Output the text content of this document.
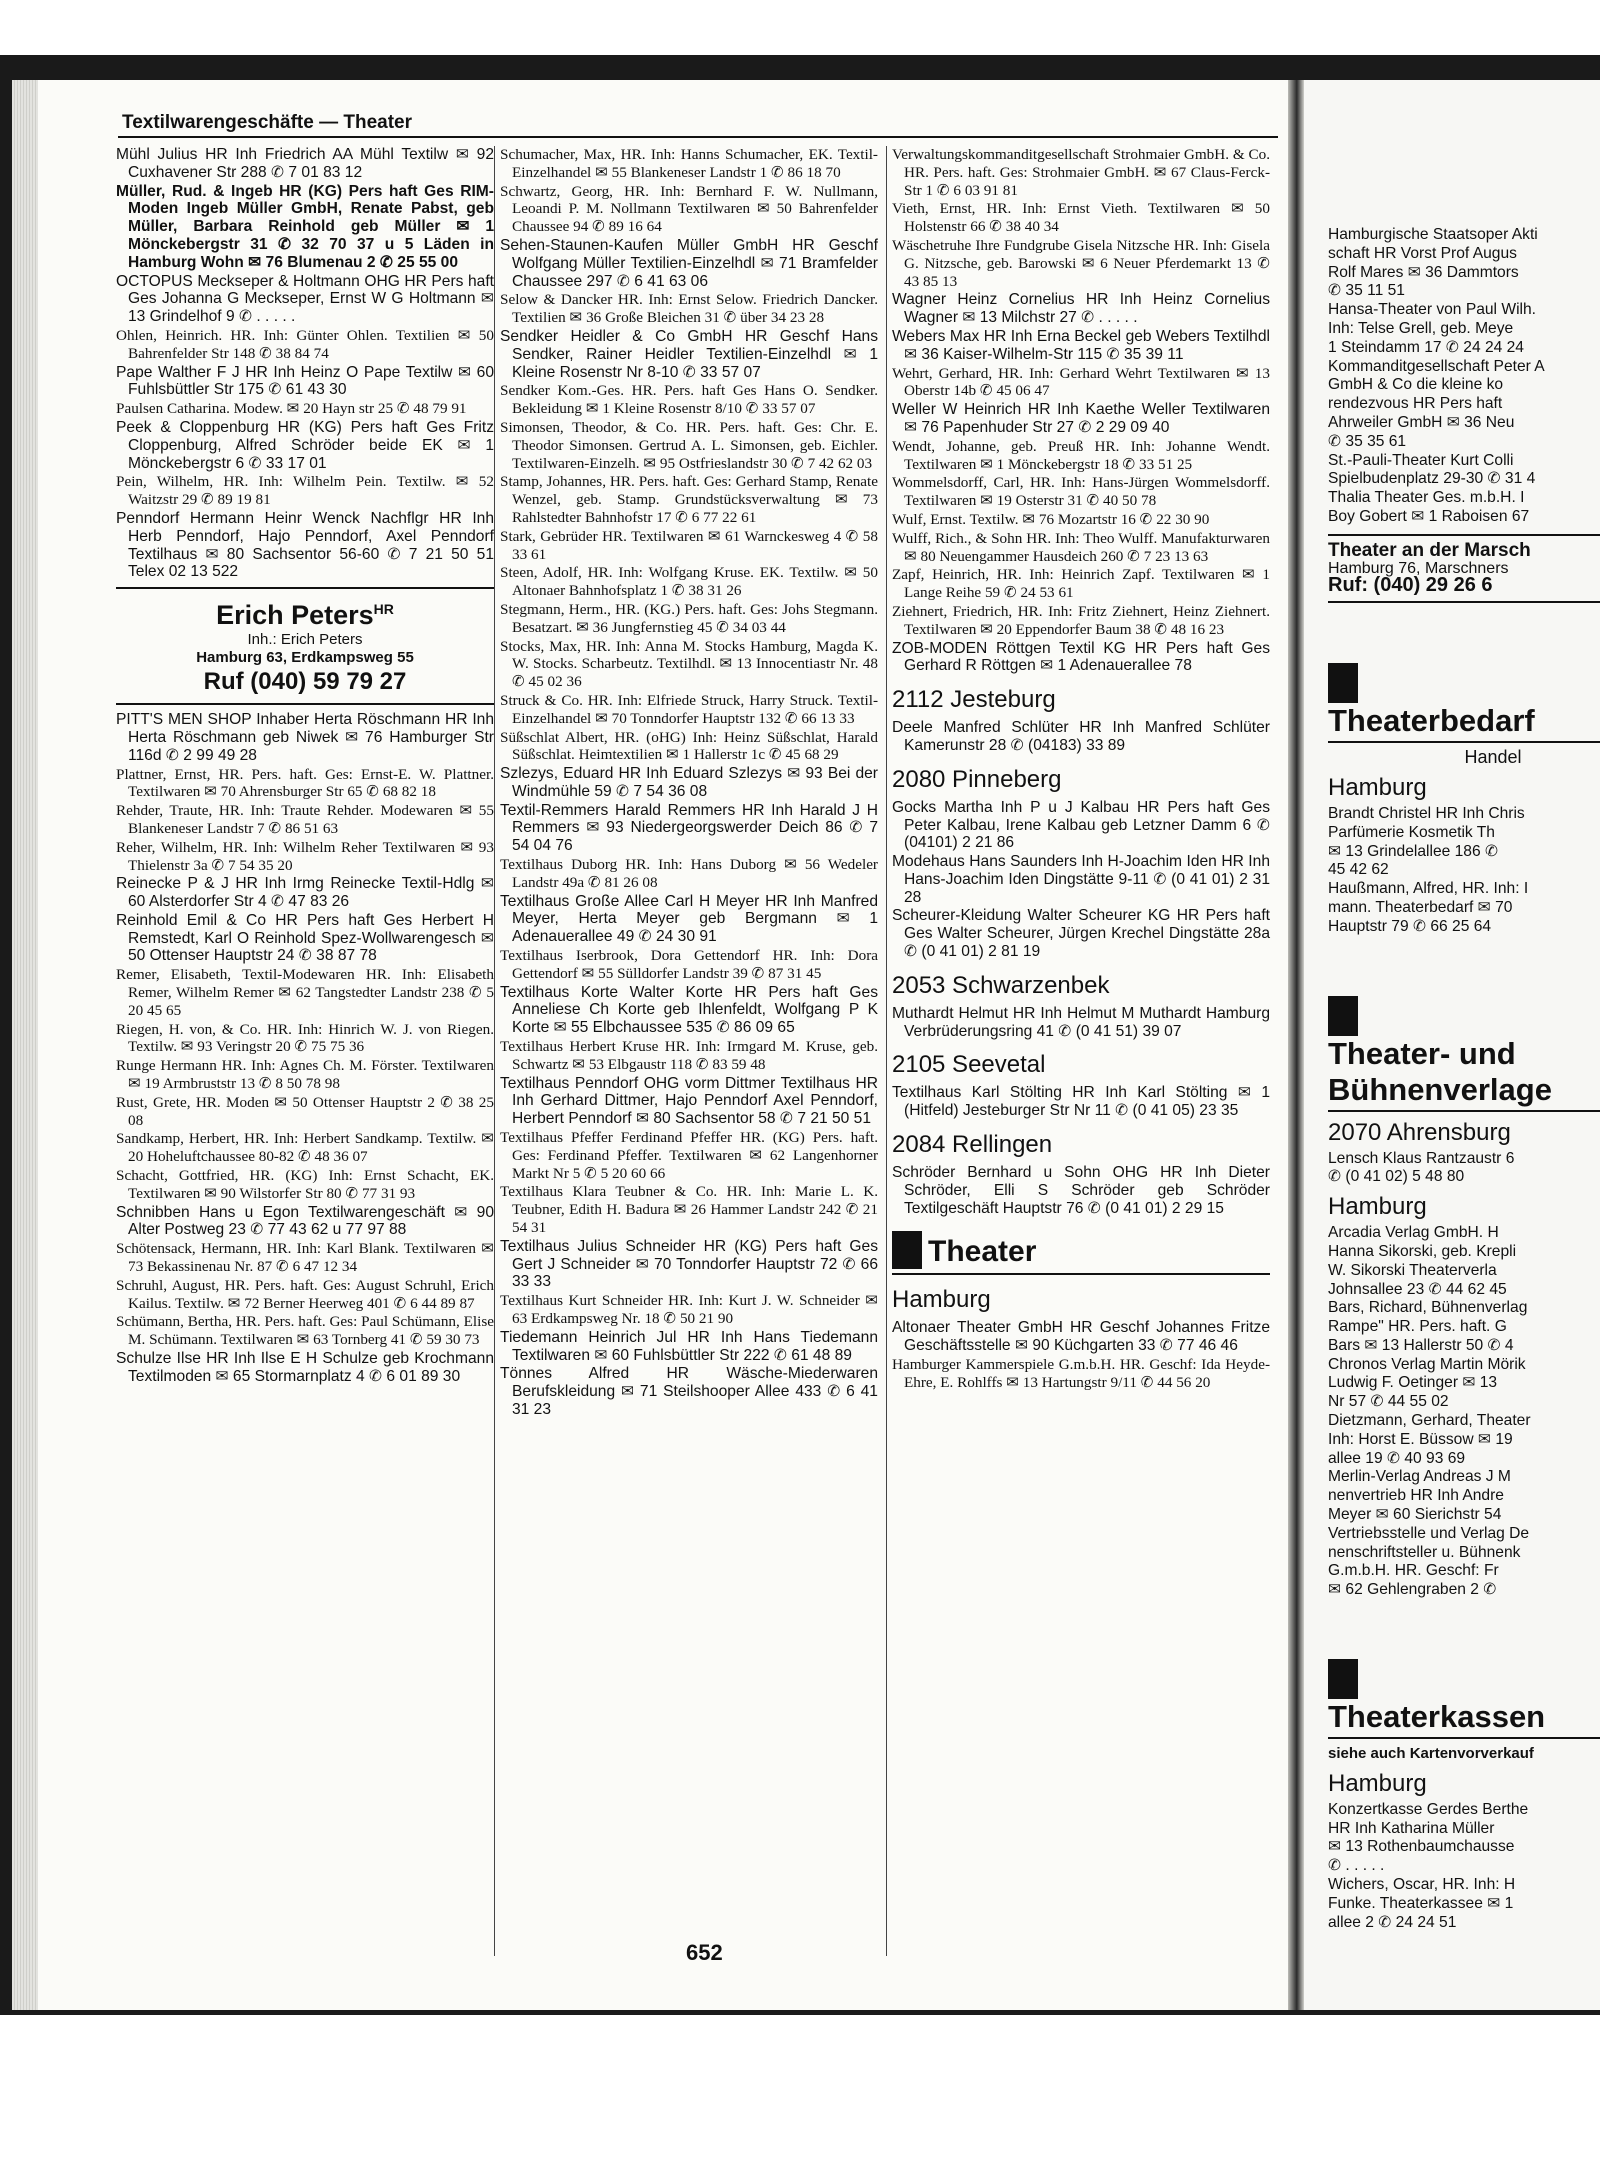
Hamburgische Staatsoper Akti
schaft HR Vorst Prof Augus
Rolf Mares ✉ 36 Dammtors
✆ 35 11 51
Hansa-Theater von Paul Wilh.
Inh: Telse Grell, geb. Meye
1 Steindamm 17 ✆ 24 24 24
Kommanditgesellschaft Peter A
GmbH & Co die kleine ko
rendezvous HR Pers haft
Ahrweiler GmbH ✉ 36 Neu
✆ 35 35 61
St.-Pauli-Theater Kurt Colli
Spielbudenplatz 29-30 ✆ 31 4
Thalia Theater Ges. m.b.H. I
Boy Gobert ✉ 1 Raboisen 67
Theater an der Marsch
Hamburg 76, Marschners
Ruf: (040) 29 26 6
Theaterbedarf
Handel
Hamburg
Brandt Christel HR Inh Chris
Parfümerie Kosmetik Th
✉ 13 Grindelallee 186 ✆
45 42 62
Haußmann, Alfred, HR. Inh: I
mann. Theaterbedarf ✉ 70
Hauptstr 79 ✆ 66 25 64
Theater- und
Bühnenverlage
2070 Ahrensburg
Lensch Klaus Rantzaustr 6
✆ (0 41 02) 5 48 80
Hamburg
Arcadia Verlag GmbH. H
Hanna Sikorski, geb. Krepli
W. Sikorski Theaterverla
Johnsallee 23 ✆ 44 62 45
Bars, Richard, Bühnenverlag
Rampe" HR. Pers. haft. G
Bars ✉ 13 Hallerstr 50 ✆ 4
Chronos Verlag Martin Mörik
Ludwig F. Oetinger ✉ 13
Nr 57 ✆ 44 55 02
Dietzmann, Gerhard, Theater
Inh: Horst E. Büssow ✉ 19
allee 19 ✆ 40 93 69
Merlin-Verlag Andreas J M
nenvertrieb HR Inh Andre
Meyer ✉ 60 Sierichstr 54
Vertriebsstelle und Verlag De
nenschriftsteller u. Bühnenk
G.m.b.H. HR. Geschf: Fr
✉ 62 Gehlengraben 2 ✆
Theaterkassen
siehe auch Kartenvorverkauf
Hamburg
Konzertkasse Gerdes Berthe
HR Inh Katharina Müller
✉ 13 Rothenbaumchausse
✆ . . . . .
Wichers, Oscar, HR. Inh: H
Funke. Theaterkassee ✉ 1
allee 2 ✆ 24 24 51
Textilwarengeschäfte — Theater
Mühl Julius HR Inh Friedrich AA Mühl Textilw ✉ 92 Cuxhavener Str 288 ✆ 7 01 83 12
Müller, Rud. & Ingeb HR (KG) Pers haft Ges RIM-Moden Ingeb Müller GmbH, Renate Pabst, geb Müller, Barbara Reinhold geb Müller ✉ 1 Mönckebergstr 31 ✆ 32 70 37 u 5 Läden in Hamburg Wohn ✉ 76 Blumenau 2 ✆ 25 55 00
OCTOPUS Meckseper & Holtmann OHG HR Pers haft Ges Johanna G Meckseper, Ernst W G Holtmann ✉ 13 Grindelhof 9 ✆ . . . . .
Ohlen, Heinrich. HR. Inh: Günter Ohlen. Textilien ✉ 50 Bahrenfelder Str 148 ✆ 38 84 74
Pape Walther F J HR Inh Heinz O Pape Textilw ✉ 60 Fuhlsbüttler Str 175 ✆ 61 43 30
Paulsen Catharina. Modew. ✉ 20 Hayn str 25 ✆ 48 79 91
Peek & Cloppenburg HR (KG) Pers haft Ges Fritz Cloppenburg, Alfred Schröder beide EK ✉ 1 Mönckebergstr 6 ✆ 33 17 01
Pein, Wilhelm, HR. Inh: Wilhelm Pein. Textilw. ✉ 52 Waitzstr 29 ✆ 89 19 81
Penndorf Hermann Heinr Wenck Nachflgr HR Inh Herb Penndorf, Hajo Penndorf, Axel Penndorf Textilhaus ✉ 80 Sachsentor 56-60 ✆ 7 21 50 51 Telex 02 13 522
Erich Peters$^{HR}$
Inh.: Erich Peters
Hamburg 63, Erdkampsweg 55
Ruf (040) 59 79 27
PITT'S MEN SHOP Inhaber Herta Röschmann HR Inh Herta Röschmann geb Niwek ✉ 76 Hamburger Str 116d ✆ 2 99 49 28
Plattner, Ernst, HR. Pers. haft. Ges: Ernst-E. W. Plattner. Textilwaren ✉ 70 Ahrensburger Str 65 ✆ 68 82 18
Rehder, Traute, HR. Inh: Traute Rehder. Modewaren ✉ 55 Blankeneser Landstr 7 ✆ 86 51 63
Reher, Wilhelm, HR. Inh: Wilhelm Reher Textilwaren ✉ 93 Thielenstr 3a ✆ 7 54 35 20
Reinecke P & J HR Inh Irmg Reinecke Textil-Hdlg ✉ 60 Alsterdorfer Str 4 ✆ 47 83 26
Reinhold Emil & Co HR Pers haft Ges Herbert H Remstedt, Karl O Reinhold Spez-Wollwarengesch ✉ 50 Ottenser Hauptstr 24 ✆ 38 87 78
Remer, Elisabeth, Textil-Modewaren HR. Inh: Elisabeth Remer, Wilhelm Remer ✉ 62 Tangstedter Landstr 238 ✆ 5 20 45 65
Riegen, H. von, & Co. HR. Inh: Hinrich W. J. von Riegen. Textilw. ✉ 93 Veringstr 20 ✆ 75 75 36
Runge Hermann HR. Inh: Agnes Ch. M. Förster. Textilwaren ✉ 19 Armbruststr 13 ✆ 8 50 78 98
Rust, Grete, HR. Moden ✉ 50 Ottenser Hauptstr 2 ✆ 38 25 08
Sandkamp, Herbert, HR. Inh: Herbert Sandkamp. Textilw. ✉ 20 Hoheluftchaussee 80-82 ✆ 48 36 07
Schacht, Gottfried, HR. (KG) Inh: Ernst Schacht, EK. Textilwaren ✉ 90 Wilstorfer Str 80 ✆ 77 31 93
Schnibben Hans u Egon Textilwarengeschäft ✉ 90 Alter Postweg 23 ✆ 77 43 62 u 77 97 88
Schötensack, Hermann, HR. Inh: Karl Blank. Textilwaren ✉ 73 Bekassinenau Nr. 87 ✆ 6 47 12 34
Schruhl, August, HR. Pers. haft. Ges: August Schruhl, Erich Kailus. Textilw. ✉ 72 Berner Heerweg 401 ✆ 6 44 89 87
Schümann, Bertha, HR. Pers. haft. Ges: Paul Schümann, Elise M. Schümann. Textilwaren ✉ 63 Tornberg 41 ✆ 59 30 73
Schulze Ilse HR Inh Ilse E H Schulze geb Krochmann Textilmoden ✉ 65 Stormarnplatz 4 ✆ 6 01 89 30
Schumacher, Max, HR. Inh: Hanns Schumacher, EK. Textil-Einzelhandel ✉ 55 Blankeneser Landstr 1 ✆ 86 18 70
Schwartz, Georg, HR. Inh: Bernhard F. W. Nullmann, Leoandi P. M. Nollmann Textilwaren ✉ 50 Bahrenfelder Chaussee 94 ✆ 89 16 64
Sehen-Staunen-Kaufen Müller GmbH HR Geschf Wolfgang Müller Textilien-Einzelhdl ✉ 71 Bramfelder Chaussee 297 ✆ 6 41 63 06
Selow & Dancker HR. Inh: Ernst Selow. Friedrich Dancker. Textilien ✉ 36 Große Bleichen 31 ✆ über 34 23 28
Sendker Heidler & Co GmbH HR Geschf Hans Sendker, Rainer Heidler Textilien-Einzelhdl ✉ 1 Kleine Rosenstr Nr 8-10 ✆ 33 57 07
Sendker Kom.-Ges. HR. Pers. haft Ges Hans O. Sendker. Bekleidung ✉ 1 Kleine Rosenstr 8/10 ✆ 33 57 07
Simonsen, Theodor, & Co. HR. Pers. haft. Ges: Chr. E. Theodor Simonsen. Gertrud A. L. Simonsen, geb. Eichler. Textilwaren-Einzelh. ✉ 95 Ostfrieslandstr 30 ✆ 7 42 62 03
Stamp, Johannes, HR. Pers. haft. Ges: Gerhard Stamp, Renate Wenzel, geb. Stamp. Grundstücksverwaltung ✉ 73 Rahlstedter Bahnhofstr 17 ✆ 6 77 22 61
Stark, Gebrüder HR. Textilwaren ✉ 61 Warnckesweg 4 ✆ 58 33 61
Steen, Adolf, HR. Inh: Wolfgang Kruse. EK. Textilw. ✉ 50 Altonaer Bahnhofsplatz 1 ✆ 38 31 26
Stegmann, Herm., HR. (KG.) Pers. haft. Ges: Johs Stegmann. Besatzart. ✉ 36 Jungfernstieg 45 ✆ 34 03 44
Stocks, Max, HR. Inh: Anna M. Stocks Hamburg, Magda K. W. Stocks. Scharbeutz. Textilhdl. ✉ 13 Innocentiastr Nr. 48 ✆ 45 02 36
Struck & Co. HR. Inh: Elfriede Struck, Harry Struck. Textil-Einzelhandel ✉ 70 Tonndorfer Hauptstr 132 ✆ 66 13 33
Süßschlat Albert, HR. (oHG) Inh: Heinz Süßschlat, Harald Süßschlat. Heimtextilien ✉ 1 Hallerstr 1c ✆ 45 68 29
Szlezys, Eduard HR Inh Eduard Szlezys ✉ 93 Bei der Windmühle 59 ✆ 7 54 36 08
Textil-Remmers Harald Remmers HR Inh Harald J H Remmers ✉ 93 Niedergeorgswerder Deich 86 ✆ 7 54 04 76
Textilhaus Duborg HR. Inh: Hans Duborg ✉ 56 Wedeler Landstr 49a ✆ 81 26 08
Textilhaus Große Allee Carl H Meyer HR Inh Manfred Meyer, Herta Meyer geb Bergmann ✉ 1 Adenauerallee 49 ✆ 24 30 91
Textilhaus Iserbrook, Dora Gettendorf HR. Inh: Dora Gettendorf ✉ 55 Sülldorfer Landstr 39 ✆ 87 31 45
Textilhaus Korte Walter Korte HR Pers haft Ges Anneliese Ch Korte geb Ihlenfeldt, Wolfgang P K Korte ✉ 55 Elbchaussee 535 ✆ 86 09 65
Textilhaus Herbert Kruse HR. Inh: Irmgard M. Kruse, geb. Schwartz ✉ 53 Elbgaustr 118 ✆ 83 59 48
Textilhaus Penndorf OHG vorm Dittmer Textilhaus HR Inh Gerhard Dittmer, Hajo Penndorf Axel Penndorf, Herbert Penndorf ✉ 80 Sachsentor 58 ✆ 7 21 50 51
Textilhaus Pfeffer Ferdinand Pfeffer HR. (KG) Pers. haft. Ges: Ferdinand Pfeffer. Textilwaren ✉ 62 Langenhorner Markt Nr 5 ✆ 5 20 60 66
Textilhaus Klara Teubner & Co. HR. Inh: Marie L. K. Teubner, Edith H. Badura ✉ 26 Hammer Landstr 242 ✆ 21 54 31
Textilhaus Julius Schneider HR (KG) Pers haft Ges Gert J Schneider ✉ 70 Tonndorfer Hauptstr 72 ✆ 66 33 33
Textilhaus Kurt Schneider HR. Inh: Kurt J. W. Schneider ✉ 63 Erdkampsweg Nr. 18 ✆ 50 21 90
Tiedemann Heinrich Jul HR Inh Hans Tiedemann Textilwaren ✉ 60 Fuhlsbüttler Str 222 ✆ 61 48 89
Tönnes Alfred HR Wäsche-Miederwaren Berufskleidung ✉ 71 Steilshooper Allee 433 ✆ 6 41 31 23
Verwaltungskommanditgesellschaft Strohmaier GmbH. & Co. HR. Pers. haft. Ges: Strohmaier GmbH. ✉ 67 Claus-Ferck-Str 1 ✆ 6 03 91 81
Vieth, Ernst, HR. Inh: Ernst Vieth. Textilwaren ✉ 50 Holstenstr 66 ✆ 38 40 34
Wäschetruhe Ihre Fundgrube Gisela Nitzsche HR. Inh: Gisela G. Nitzsche, geb. Barowski ✉ 6 Neuer Pferdemarkt 13 ✆ 43 85 13
Wagner Heinz Cornelius HR Inh Heinz Cornelius Wagner ✉ 13 Milchstr 27 ✆ . . . . .
Webers Max HR Inh Erna Beckel geb Webers Textilhdl ✉ 36 Kaiser-Wilhelm-Str 115 ✆ 35 39 11
Wehrt, Gerhard, HR. Inh: Gerhard Wehrt Textilwaren ✉ 13 Oberstr 14b ✆ 45 06 47
Weller W Heinrich HR Inh Kaethe Weller Textilwaren ✉ 76 Papenhuder Str 27 ✆ 2 29 09 40
Wendt, Johanne, geb. Preuß HR. Inh: Johanne Wendt. Textilwaren ✉ 1 Mönckebergstr 18 ✆ 33 51 25
Wommelsdorff, Carl, HR. Inh: Hans-Jürgen Wommelsdorff. Textilwaren ✉ 19 Osterstr 31 ✆ 40 50 78
Wulf, Ernst. Textilw. ✉ 76 Mozartstr 16 ✆ 22 30 90
Wulff, Rich., & Sohn HR. Inh: Theo Wulff. Manufakturwaren ✉ 80 Neuengammer Hausdeich 260 ✆ 7 23 13 63
Zapf, Heinrich, HR. Inh: Heinrich Zapf. Textilwaren ✉ 1 Lange Reihe 59 ✆ 24 53 61
Ziehnert, Friedrich, HR. Inh: Fritz Ziehnert, Heinz Ziehnert. Textilwaren ✉ 20 Eppendorfer Baum 38 ✆ 48 16 23
ZOB-MODEN Röttgen Textil KG HR Pers haft Ges Gerhard R Röttgen ✉ 1 Adenauerallee 78
2112 Jesteburg
Deele Manfred Schlüter HR Inh Manfred Schlüter Kamerunstr 28 ✆ (04183) 33 89
2080 Pinneberg
Gocks Martha Inh P u J Kalbau HR Pers haft Ges Peter Kalbau, Irene Kalbau geb Letzner Damm 6 ✆ (04101) 2 21 86
Modehaus Hans Saunders Inh H-Joachim Iden HR Inh Hans-Joachim Iden Dingstätte 9-11 ✆ (0 41 01) 2 31 28
Scheurer-Kleidung Walter Scheurer KG HR Pers haft Ges Walter Scheurer, Jürgen Krechel Dingstätte 28a ✆ (0 41 01) 2 81 19
2053 Schwarzenbek
Muthardt Helmut HR Inh Helmut M Muthardt Hamburg Verbrüderungsring 41 ✆ (0 41 51) 39 07
2105 Seevetal
Textilhaus Karl Stölting HR Inh Karl Stölting ✉ 1 (Hitfeld) Jesteburger Str Nr 11 ✆ (0 41 05) 23 35
2084 Rellingen
Schröder Bernhard u Sohn OHG HR Inh Dieter Schröder, Elli S Schröder geb Schröder Textilgeschäft Hauptstr 76 ✆ (0 41 01) 2 29 15
Theater
Hamburg
Altonaer Theater GmbH HR Geschf Johannes Fritze Geschäftsstelle ✉ 90 Küchgarten 33 ✆ 77 46 46
Hamburger Kammerspiele G.m.b.H. HR. Geschf: Ida Heyde-Ehre, E. Rohlffs ✉ 13 Hartungstr 9/11 ✆ 44 56 20
652
